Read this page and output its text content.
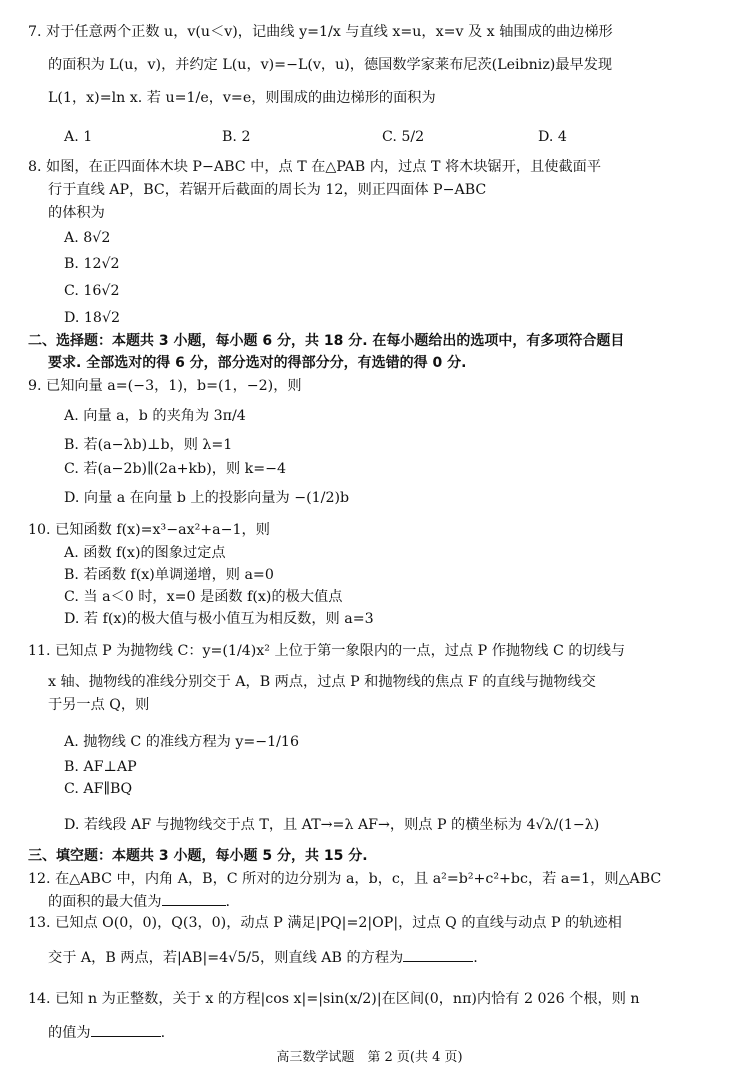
7. 对于任意两个正数 u，v(u＜v)，记曲线 y=1/x 与直线 x=u，x=v 及 x 轴围成的曲边梯形
的面积为 L(u，v)，并约定 L(u，v)=−L(v，u)，德国数学家莱布尼茨(Leibniz)最早发现
L(1，x)=ln x. 若 u=1/e，v=e，则围成的曲边梯形的面积为
A. 1	B. 2	C. 5/2	D. 4
8. 如图，在正四面体木块 P−ABC 中，点 T 在△PAB 内，过点 T 将木块锯开，且使截面平
行于直线 AP，BC，若锯开后截面的周长为 12，则正四面体 P−ABC
的体积为
A. 8√2
B. 12√2
C. 16√2
D. 18√2
二、选择题：本题共 3 小题，每小题 6 分，共 18 分. 在每小题给出的选项中，有多项符合题目
要求. 全部选对的得 6 分，部分选对的得部分分，有选错的得 0 分.
9. 已知向量 a=(−3，1)，b=(1，−2)，则
A. 向量 a，b 的夹角为 3π/4
B. 若(a−λb)⊥b，则 λ=1
C. 若(a−2b)∥(2a+kb)，则 k=−4
D. 向量 a 在向量 b 上的投影向量为 −(1/2)b
10. 已知函数 f(x)=x³−ax²+a−1，则
A. 函数 f(x)的图象过定点
B. 若函数 f(x)单调递增，则 a=0
C. 当 a＜0 时，x=0 是函数 f(x)的极大值点
D. 若 f(x)的极大值与极小值互为相反数，则 a=3
11. 已知点 P 为抛物线 C：y=(1/4)x² 上位于第一象限内的一点，过点 P 作抛物线 C 的切线与
x 轴、抛物线的准线分别交于 A，B 两点，过点 P 和抛物线的焦点 F 的直线与抛物线交
于另一点 Q，则
A. 抛物线 C 的准线方程为 y=−1/16
B. AF⊥AP
C. AF∥BQ
D. 若线段 AF 与抛物线交于点 T，且 AT→=λ AF→，则点 P 的横坐标为 4√λ/(1−λ)
三、填空题：本题共 3 小题，每小题 5 分，共 15 分.
12. 在△ABC 中，内角 A，B，C 所对的边分别为 a，b，c，且 a²=b²+c²+bc，若 a=1，则△ABC
的面积的最大值为	.
13. 已知点 O(0，0)，Q(3，0)，动点 P 满足|PQ|=2|OP|，过点 Q 的直线与动点 P 的轨迹相
交于 A，B 两点，若|AB|=4√5/5，则直线 AB 的方程为	.
14. 已知 n 为正整数，关于 x 的方程|cos x|=|sin(x/2)|在区间(0，nπ)内恰有 2 026 个根，则 n
的值为	.
高三数学试题　第 2 页(共 4 页)
